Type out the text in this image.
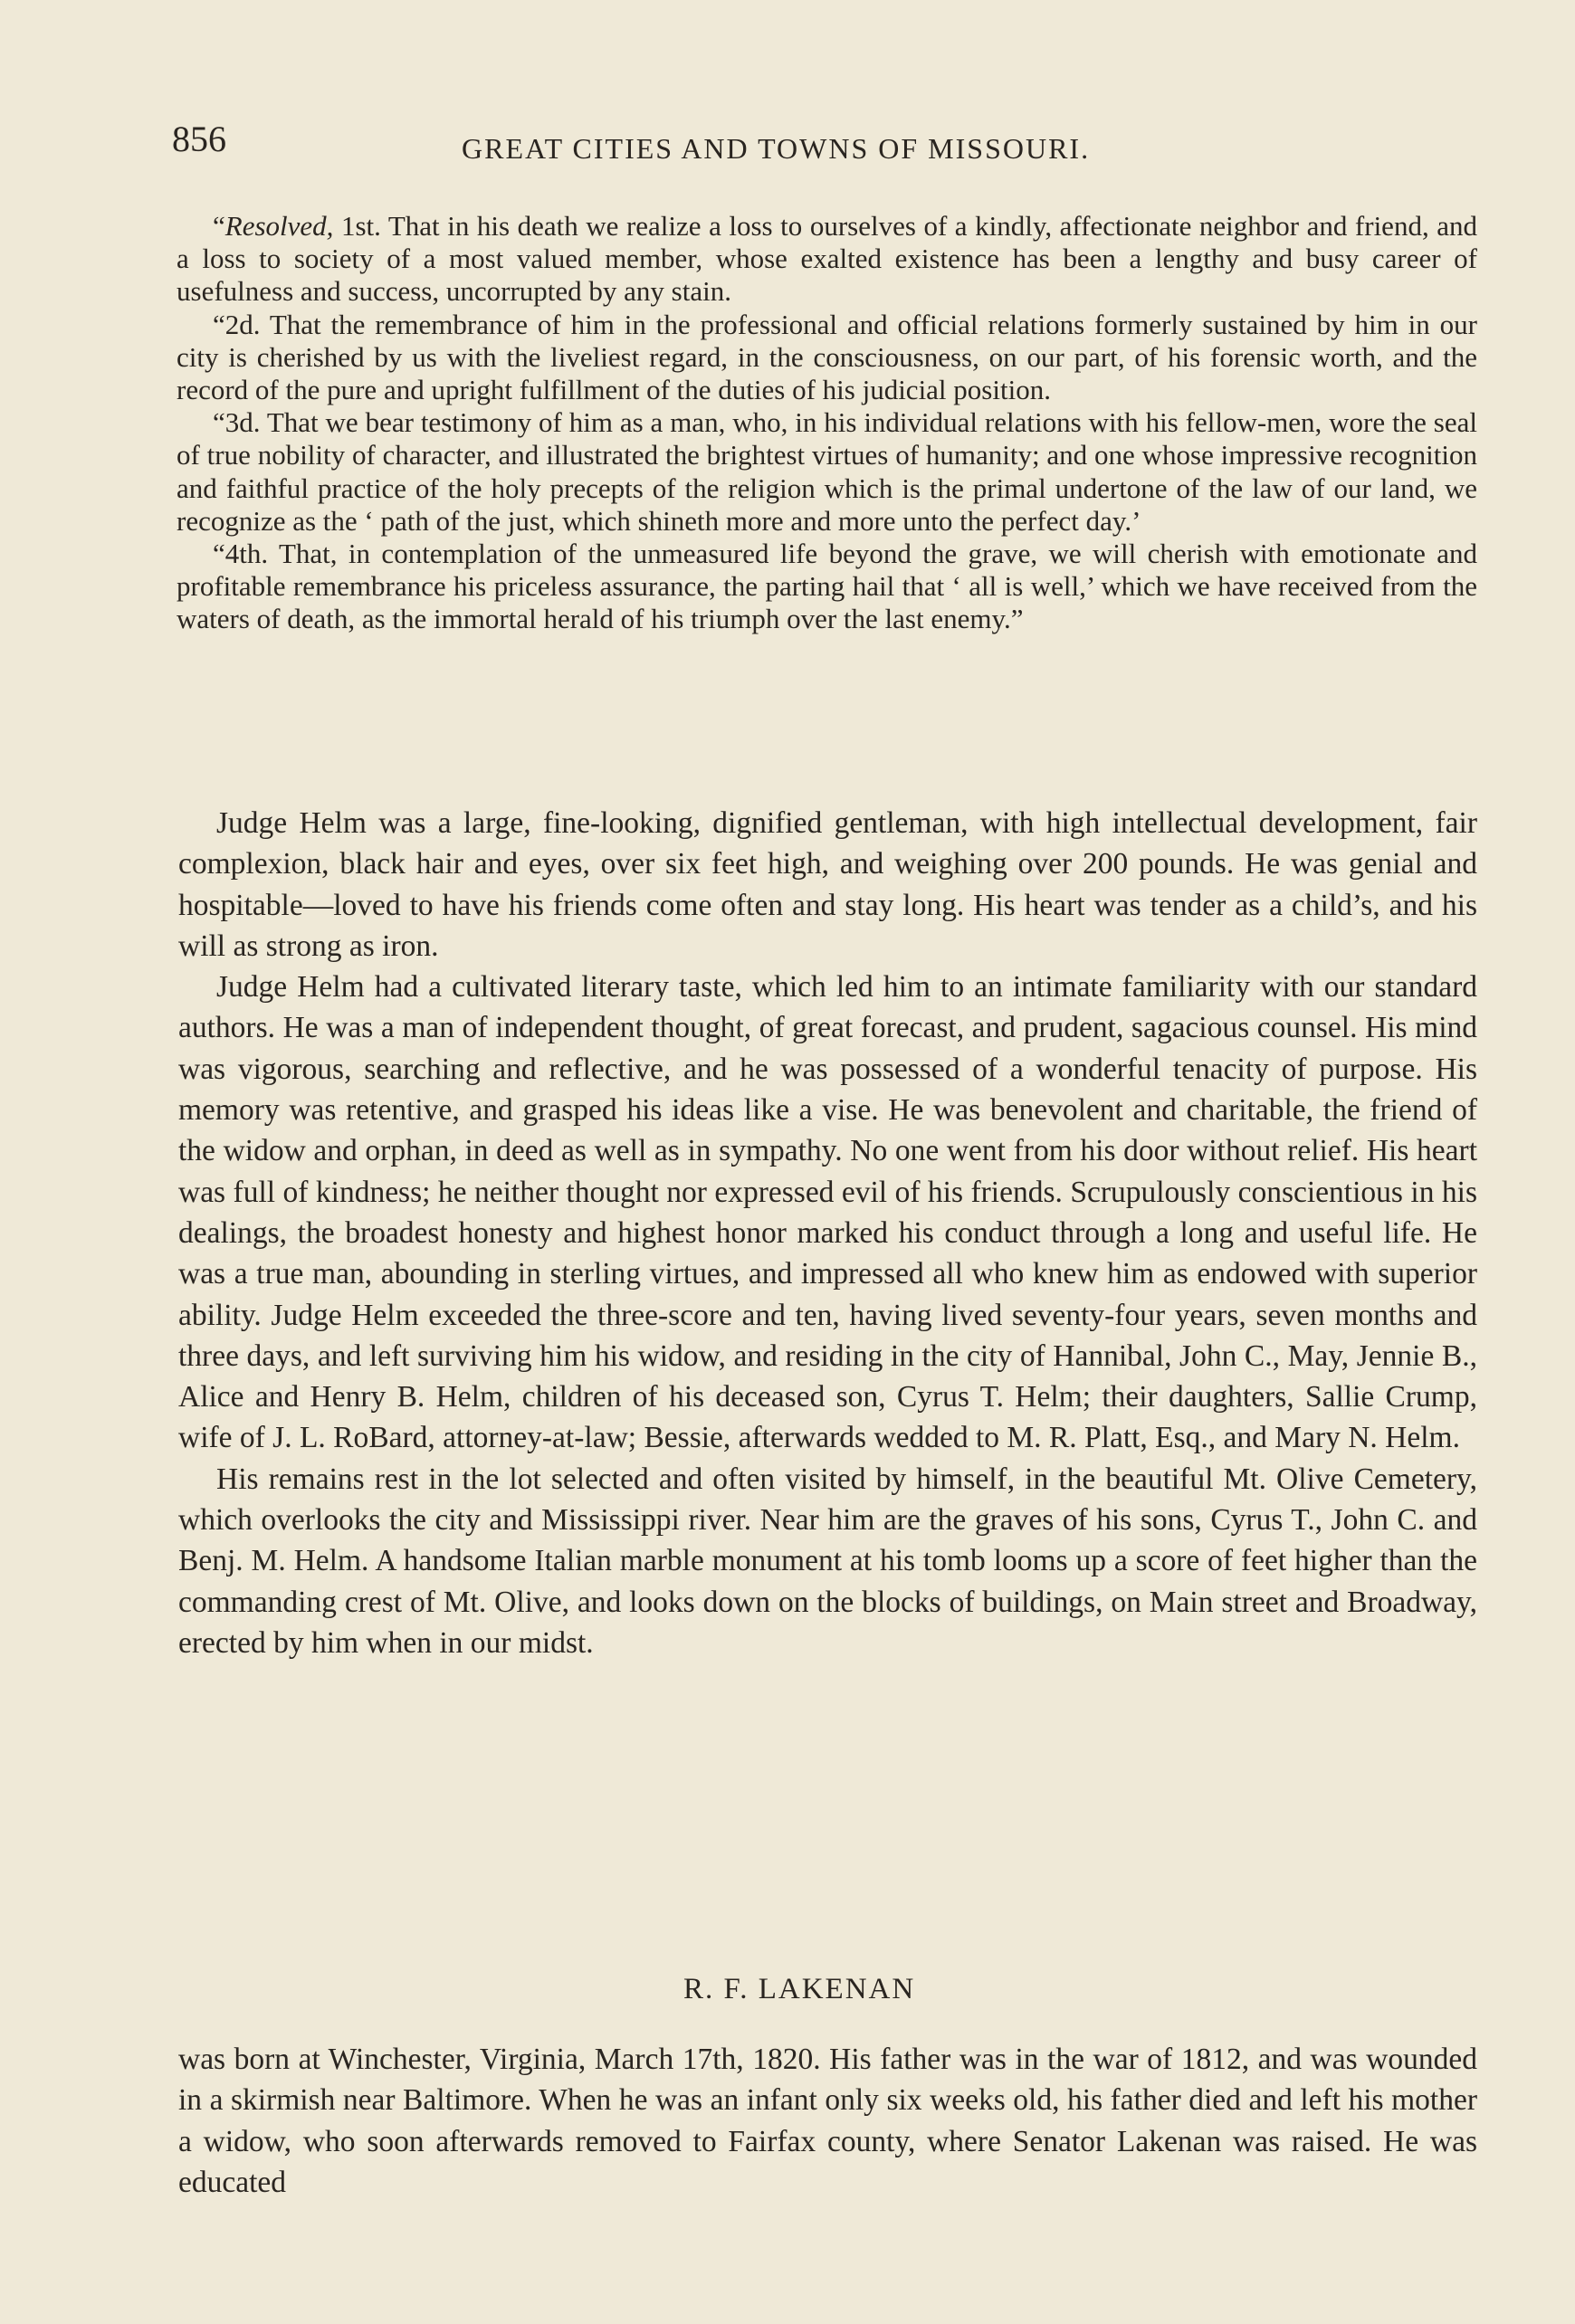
856	GREAT CITIES AND TOWNS OF MISSOURI.

“Resolved, 1st. That in his death we realize a loss to ourselves of a kindly, affectionate neighbor and friend, and a loss to society of a most valued member, whose exalted existence has been a lengthy and busy career of usefulness and success, uncorrupted by any stain.

“2d. That the remembrance of him in the professional and official relations formerly sustained by him in our city is cherished by us with the liveliest regard, in the consciousness, on our part, of his forensic worth, and the record of the pure and upright fulfillment of the duties of his judicial position.

“3d. That we bear testimony of him as a man, who, in his individual relations with his fellow-men, wore the seal of true nobility of character, and illustrated the brightest virtues of humanity; and one whose impressive recognition and faithful practice of the holy precepts of the religion which is the primal undertone of the law of our land, we recognize as the ‘ path of the just, which shineth more and more unto the perfect day.’

“4th. That, in contemplation of the unmeasured life beyond the grave, we will cherish with emotionate and profitable remembrance his priceless assurance, the parting hail that ‘ all is well,’ which we have received from the waters of death, as the immortal herald of his triumph over the last enemy.”

Judge Helm was a large, fine-looking, dignified gentleman, with high intellectual development, fair complexion, black hair and eyes, over six feet high, and weighing over 200 pounds. He was genial and hospitable—loved to have his friends come often and stay long. His heart was tender as a child’s, and his will as strong as iron.

Judge Helm had a cultivated literary taste, which led him to an intimate familiarity with our standard authors. He was a man of independent thought, of great forecast, and prudent, sagacious counsel. His mind was vigorous, searching and reflective, and he was possessed of a wonderful tenacity of purpose. His memory was retentive, and grasped his ideas like a vise. He was benevolent and charitable, the friend of the widow and orphan, in deed as well as in sympathy. No one went from his door without relief. His heart was full of kindness; he neither thought nor expressed evil of his friends. Scrupulously conscientious in his dealings, the broadest honesty and highest honor marked his conduct through a long and useful life. He was a true man, abounding in sterling virtues, and impressed all who knew him as endowed with superior ability. Judge Helm exceeded the three-score and ten, having lived seventy-four years, seven months and three days, and left surviving him his widow, and residing in the city of Hannibal, John C., May, Jennie B., Alice and Henry B. Helm, children of his deceased son, Cyrus T. Helm; their daughters, Sallie Crump, wife of J. L. RoBard, attorney-at-law; Bessie, afterwards wedded to M. R. Platt, Esq., and Mary N. Helm.

His remains rest in the lot selected and often visited by himself, in the beautiful Mt. Olive Cemetery, which overlooks the city and Mississippi river. Near him are the graves of his sons, Cyrus T., John C. and Benj. M. Helm. A handsome Italian marble monument at his tomb looms up a score of feet higher than the commanding crest of Mt. Olive, and looks down on the blocks of buildings, on Main street and Broadway, erected by him when in our midst.

R. F. LAKENAN

was born at Winchester, Virginia, March 17th, 1820. His father was in the war of 1812, and was wounded in a skirmish near Baltimore. When he was an infant only six weeks old, his father died and left his mother a widow, who soon afterwards removed to Fairfax county, where Senator Lakenan was raised. He was educated
